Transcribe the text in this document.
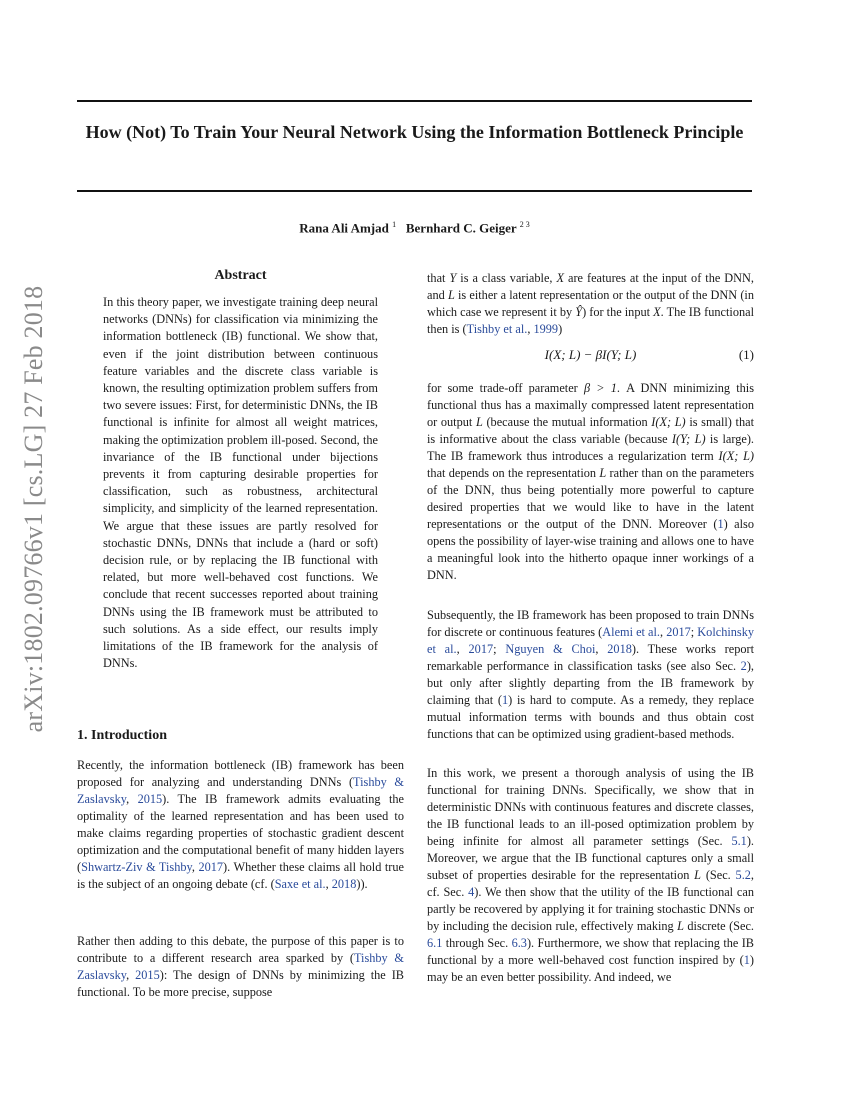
arXiv:1802.09766v1 [cs.LG] 27 Feb 2018
How (Not) To Train Your Neural Network Using the Information Bottleneck Principle
Rana Ali Amjad $^1$ Bernhard C. Geiger $^{2 3}$
Abstract

In this theory paper, we investigate training deep neural networks (DNNs) for classification via minimizing the information bottleneck (IB) functional. We show that, even if the joint distribution between continuous feature variables and the discrete class variable is known, the resulting optimization problem suffers from two severe issues: First, for deterministic DNNs, the IB functional is infinite for almost all weight matrices, making the optimization problem ill-posed. Second, the invariance of the IB functional under bijections prevents it from capturing desirable properties for classification, such as robustness, architectural simplicity, and simplicity of the learned representation. We argue that these issues are partly resolved for stochastic DNNs, DNNs that include a (hard or soft) decision rule, or by replacing the IB functional with related, but more well-behaved cost functions. We conclude that recent successes reported about training DNNs using the IB framework must be attributed to such solutions. As a side effect, our results imply limitations of the IB framework for the analysis of DNNs.

1. Introduction

Recently, the information bottleneck (IB) framework has been proposed for analyzing and understanding DNNs (Tishby & Zaslavsky, 2015). The IB framework admits evaluating the optimality of the learned representation and has been used to make claims regarding properties of stochastic gradient descent optimization and the computational benefit of many hidden layers (Shwartz-Ziv & Tishby, 2017). Whether these claims all hold true is the subject of an ongoing debate (cf. (Saxe et al., 2018)).

Rather then adding to this debate, the purpose of this paper is to contribute to a different research area sparked by (Tishby & Zaslavsky, 2015): The design of DNNs by minimizing the IB functional. To be more precise, suppose

that Y is a class variable, X are features at the input of the DNN, and L is either a latent representation or the output of the DNN (in which case we represent it by Ŷ) for the input X. The IB functional then is (Tishby et al., 1999)

I(X; L) − βI(Y; L)	(1)

for some trade-off parameter β > 1. A DNN minimizing this functional thus has a maximally compressed latent representation or output L (because the mutual information I(X; L) is small) that is informative about the class variable (because I(Y; L) is large). The IB framework thus introduces a regularization term I(X; L) that depends on the representation L rather than on the parameters of the DNN, thus being potentially more powerful to capture desired properties that we would like to have in the latent representations or the output of the DNN. Moreover (1) also opens the possibility of layer-wise training and allows one to have a meaningful look into the hitherto opaque inner workings of a DNN.

Subsequently, the IB framework has been proposed to train DNNs for discrete or continuous features (Alemi et al., 2017; Kolchinsky et al., 2017; Nguyen & Choi, 2018). These works report remarkable performance in classification tasks (see also Sec. 2), but only after slightly departing from the IB framework by claiming that (1) is hard to compute. As a remedy, they replace mutual information terms with bounds and thus obtain cost functions that can be optimized using gradient-based methods.

In this work, we present a thorough analysis of using the IB functional for training DNNs. Specifically, we show that in deterministic DNNs with continuous features and discrete classes, the IB functional leads to an ill-posed optimization problem by being infinite for almost all parameter settings (Sec. 5.1). Moreover, we argue that the IB functional captures only a small subset of properties desirable for the representation L (Sec. 5.2, cf. Sec. 4). We then show that the utility of the IB functional can partly be recovered by applying it for training stochastic DNNs or by including the decision rule, effectively making L discrete (Sec. 6.1 through Sec. 6.3). Furthermore, we show that replacing the IB functional by a more well-behaved cost function inspired by (1) may be an even better possibility. And indeed, we
